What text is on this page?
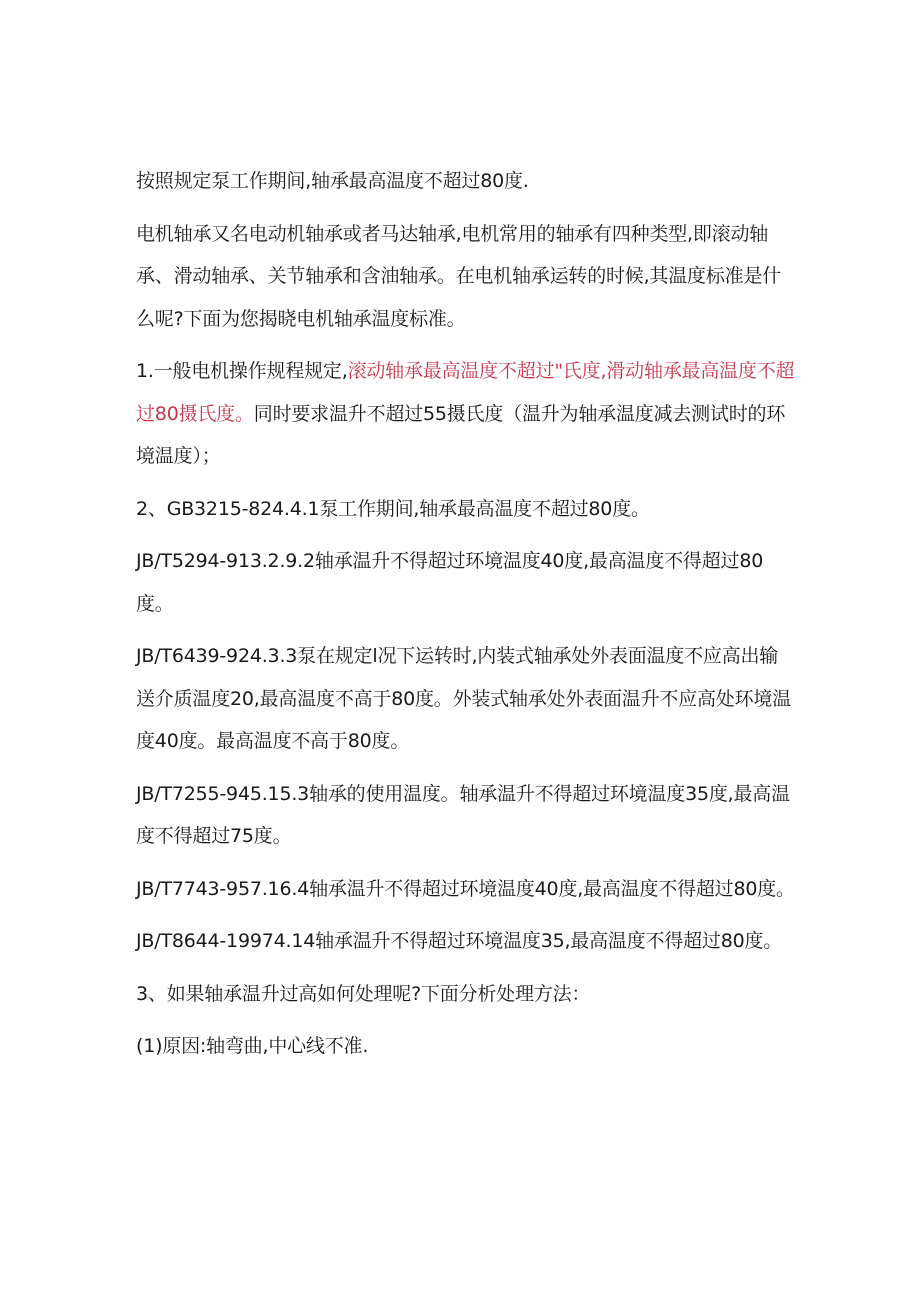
按照规定泵工作期间,轴承最高温度不超过80度.

电机轴承又名电动机轴承或者马达轴承,电机常用的轴承有四种类型,即滚动轴承、滑动轴承、关节轴承和含油轴承。在电机轴承运转的时候,其温度标准是什么呢?下面为您揭晓电机轴承温度标准。

1.一般电机操作规程规定,滚动轴承最高温度不超过"氏度,滑动轴承最高温度不超过80摄氏度。同时要求温升不超过55摄氏度（温升为轴承温度减去测试时的环境温度）；

2、GB3215-824.4.1泵工作期间,轴承最高温度不超过80度。

JB/T5294-913.2.9.2轴承温升不得超过环境温度40度,最高温度不得超过80度。

JB/T6439-924.3.3泵在规定l况下运转时,内装式轴承处外表面温度不应高出输送介质温度20,最高温度不高于80度。外装式轴承处外表面温升不应高处环境温度40度。最高温度不高于80度。

JB/T7255-945.15.3轴承的使用温度。轴承温升不得超过环境温度35度,最高温度不得超过75度。

JB/T7743-957.16.4轴承温升不得超过环境温度40度,最高温度不得超过80度。

JB/T8644-19974.14轴承温升不得超过环境温度35,最高温度不得超过80度。

3、如果轴承温升过高如何处理呢?下面分析处理方法：

(1)原因:轴弯曲,中心线不准.
